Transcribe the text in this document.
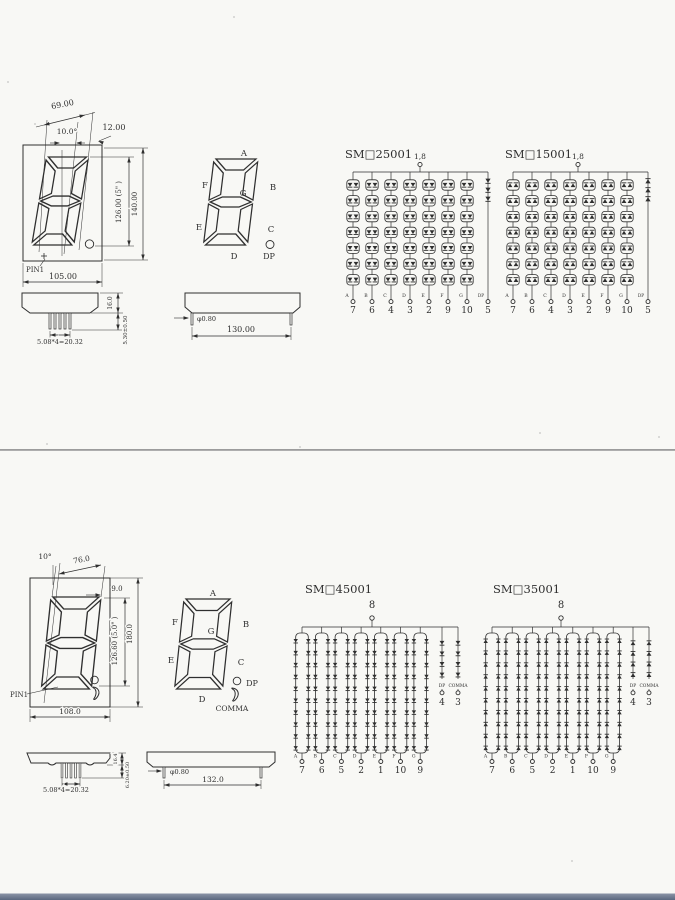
69.00
10.0°	12.00
126.00 (5" ) 140.00
PIN1
105.00
16.0
5.30±0.50
5.08*4=20.32
φ0.80
130.00
A
F	B
G
E	C
D	DP
SM□25001 1,8
A
7
B
6
C
4
D
3
E
2
F
9
G
10
DP
5
SM□15001 1,8
A
7
B
6
C
4
D
3
E
2
F
9
G
10
DP
5
10°	76.0
9.0
126.60 (5.0" ) 180.0
PIN1
108.0
16.4
6.20±0.50
5.08*4=20.32
φ0.80
132.0
A
F	B
G
E	C
D
DP
COMMA
SM□45001
8
A
7
B
6
C
5
D
2
E
1
F
10
G
9
DP
4
COMMA
3
SM□35001
8
A
7
B
6
C
5
D
2
E
1
F
10
G
9
DP
4
COMMA
3
